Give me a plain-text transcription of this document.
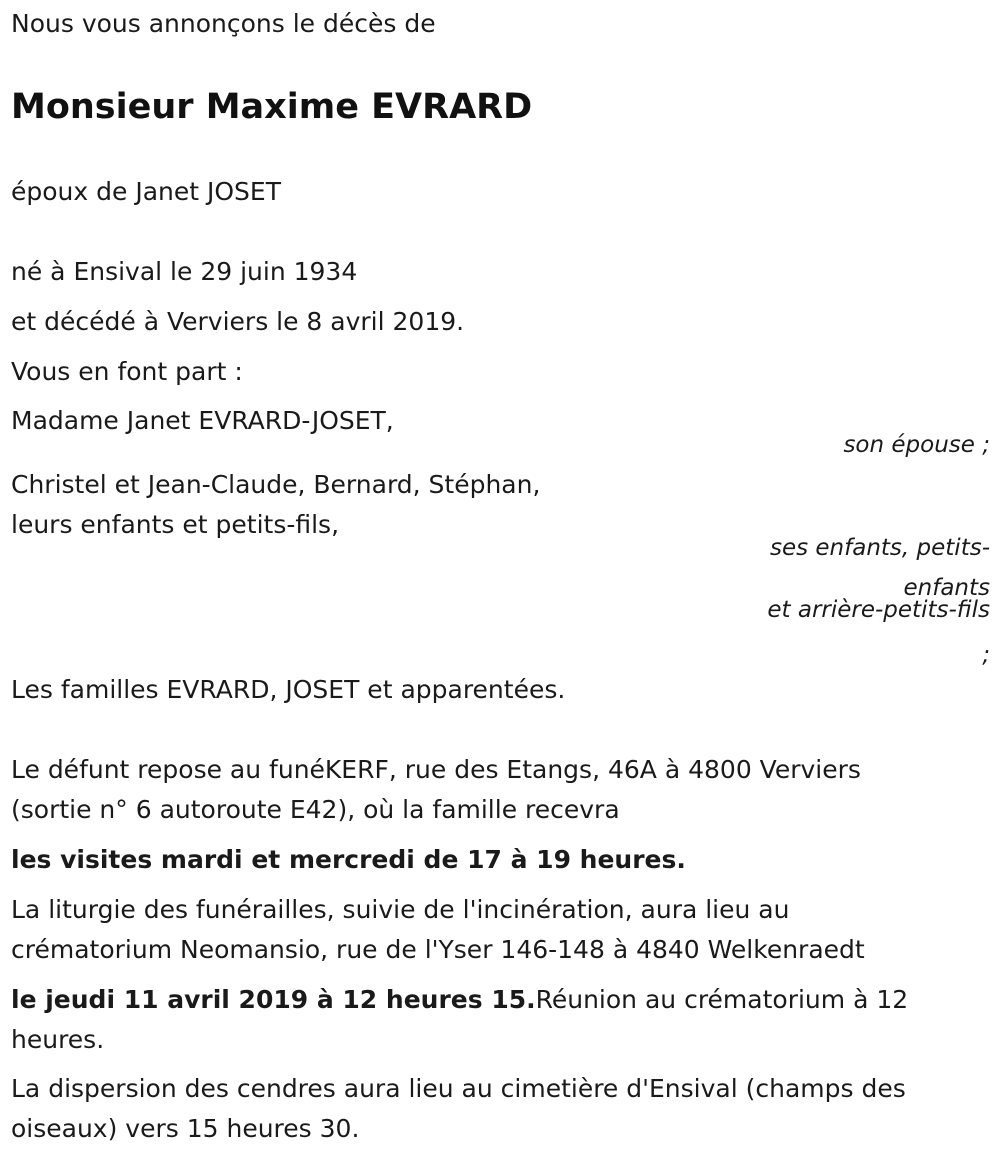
Nous vous annonçons le décès de
Monsieur Maxime EVRARD
époux de Janet JOSET
né à Ensival le 29 juin 1934
et décédé à Verviers le 8 avril 2019.
Vous en font part :
Madame Janet EVRARD-JOSET,
son épouse ;
Christel et Jean-Claude, Bernard, Stéphan,
leurs enfants et petits-fils,
ses enfants, petits-
enfants
et arrière-petits-fils
;
Les familles EVRARD, JOSET et apparentées.
Le défunt repose au funéKERF, rue des Etangs, 46A à 4800 Verviers
(sortie n° 6 autoroute E42), où la famille recevra
les visites mardi et mercredi de 17 à 19 heures.
La liturgie des funérailles, suivie de l'incinération, aura lieu au
crématorium Neomansio, rue de l'Yser 146-148 à 4840 Welkenraedt
le jeudi 11 avril 2019 à 12 heures 15.Réunion au crématorium à 12
heures.
La dispersion des cendres aura lieu au cimetière d'Ensival (champs des
oiseaux) vers 15 heures 30.
